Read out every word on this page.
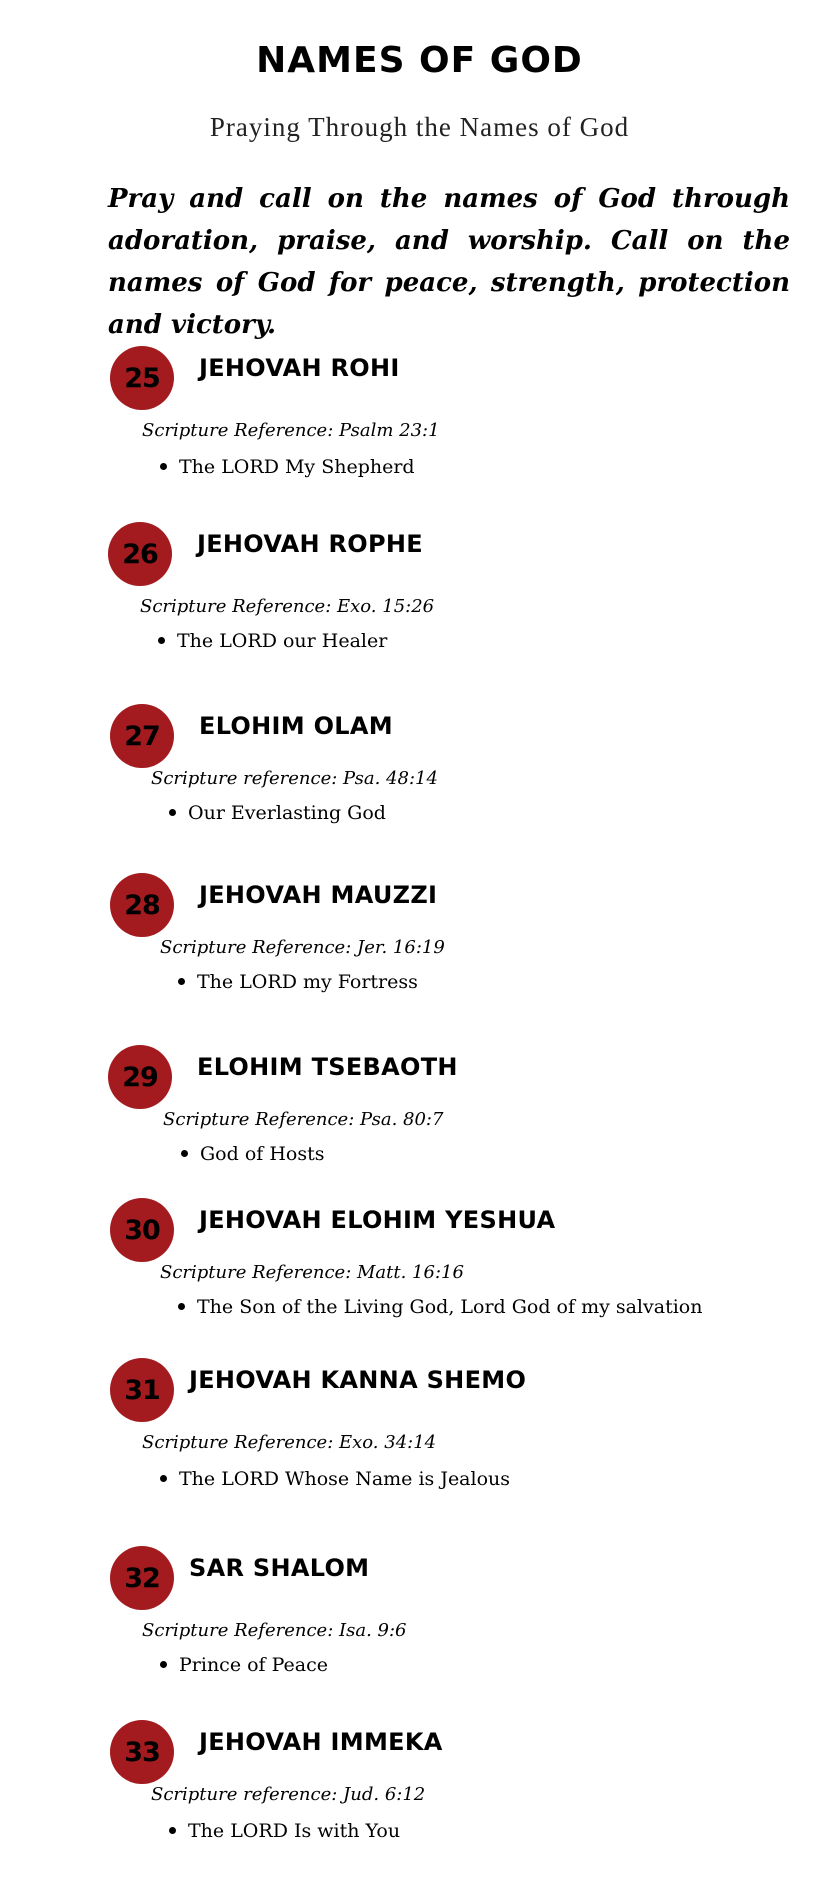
NAMES OF GOD
Praying Through the Names of God
Pray and call on the names of God through adoration, praise, and worship. Call on the names of God for peace, strength, protection and victory.
25	JEHOVAH ROHI
Scripture Reference: Psalm 23:1
The LORD My Shepherd
26	JEHOVAH ROPHE
Scripture Reference: Exo. 15:26
The LORD our Healer
27	ELOHIM OLAM
Scripture reference: Psa. 48:14
Our Everlasting God
28	JEHOVAH MAUZZI
Scripture Reference: Jer. 16:19
The LORD my Fortress
29	ELOHIM TSEBAOTH
Scripture Reference: Psa. 80:7
God of Hosts
30	JEHOVAH ELOHIM YESHUA
Scripture Reference: Matt. 16:16
The Son of the Living God, Lord God of my salvation
31	JEHOVAH KANNA SHEMO
Scripture Reference: Exo. 34:14
The LORD Whose Name is Jealous
32	SAR SHALOM
Scripture Reference: Isa. 9:6
Prince of Peace
33	JEHOVAH IMMEKA
Scripture reference: Jud. 6:12
The LORD Is with You
